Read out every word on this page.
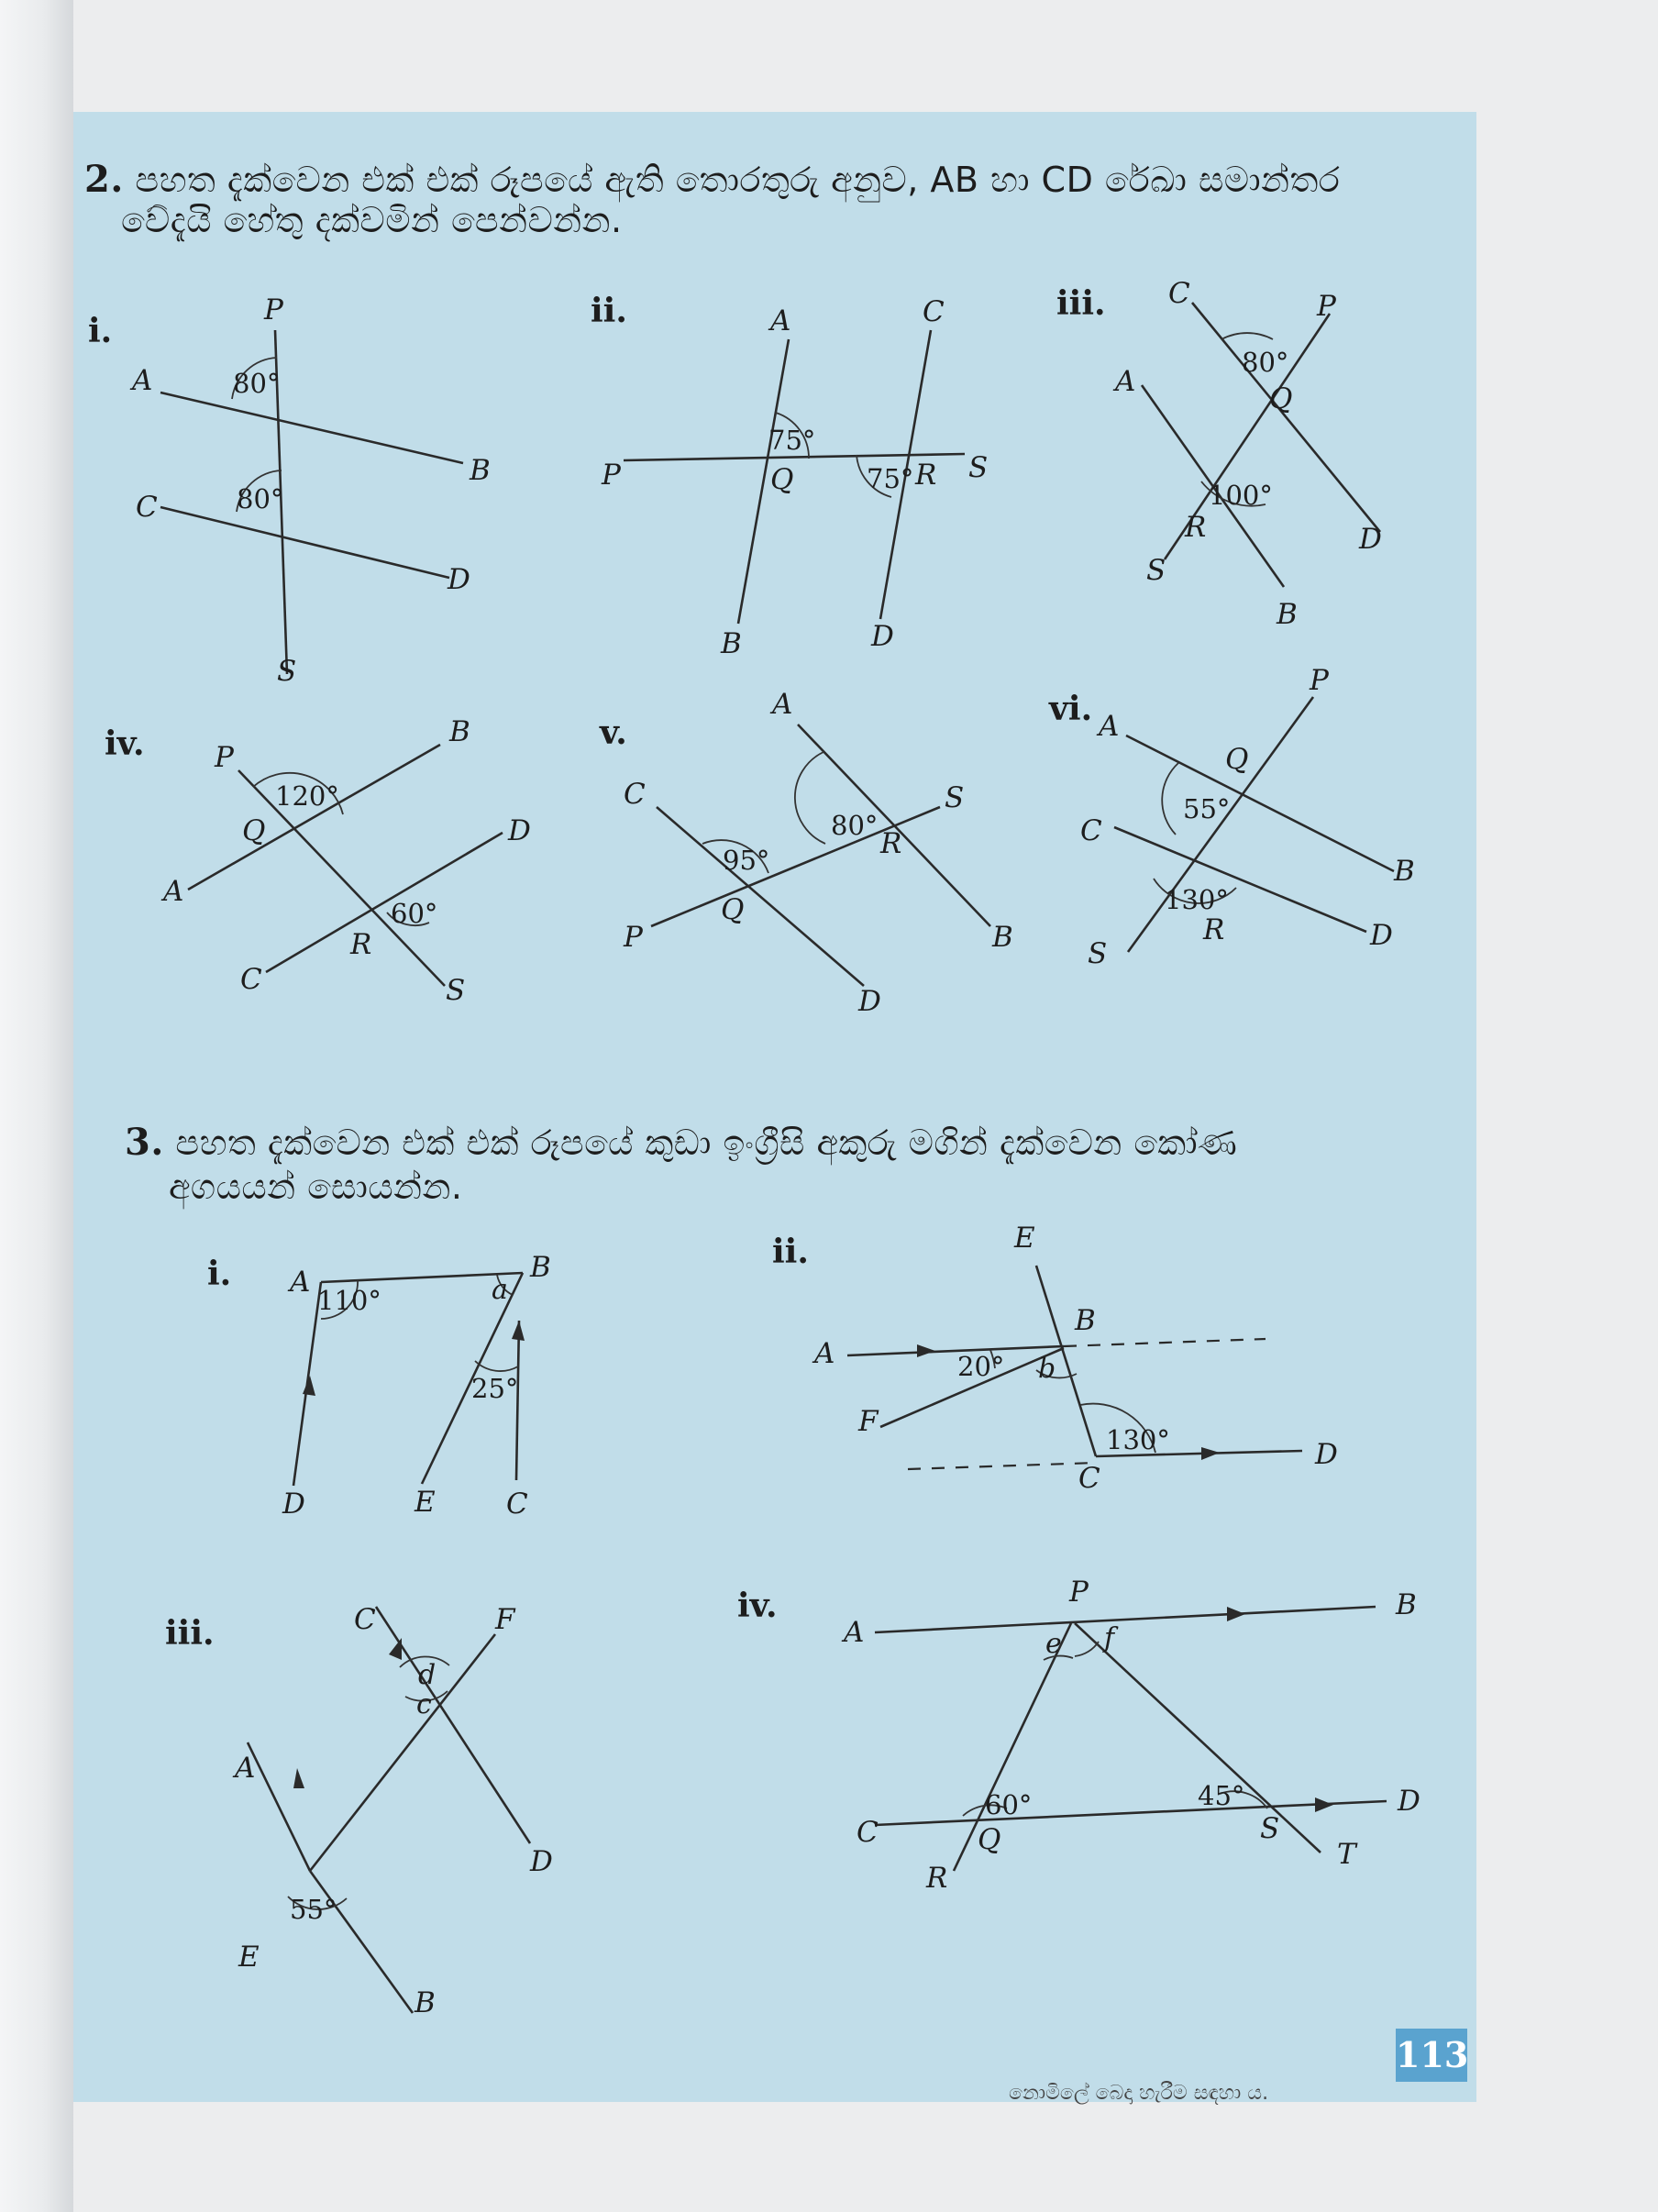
2. පහත දැක්වෙන එක් එක් රූපයේ ඇති තොරතුරු අනුව, AB හා CD රේඛා සමාන්තර
වේදැයි හේතු දක්වමින් පෙන්වන්න.
i.
P
A
B
C
D
S
80°
80°
ii.	A	C
P	Q	R S
B	D
75°
75°
iii. C	P
A
Q
R	D
S
B
80°
100°
iv. P
B
Q	D
A
R
C	S
120°
60°
v.
A
C	S
R
Q
P	B
D
80°
95°
vi. A
P
Q
C
B
R	D
S
55°
130°
3. පහත දැක්වෙන එක් එක් රූපයේ කුඩා ඉංග්‍රීසි අකුරු මගින් දැක්වෙන කෝණ
අගයයන් සොයන්න.
i. A	B
D	E C
110°
25°
a
ii.	E
B
A
F
C
D
20°
130°
b
iii.	C	F
A
E
B
D
55°
d
c
iv.	P
A
B
C	Q
R
S
T
D
60°	45°
e f
113
නොමිලේ බෙදා හැරීම සඳහා ය.
